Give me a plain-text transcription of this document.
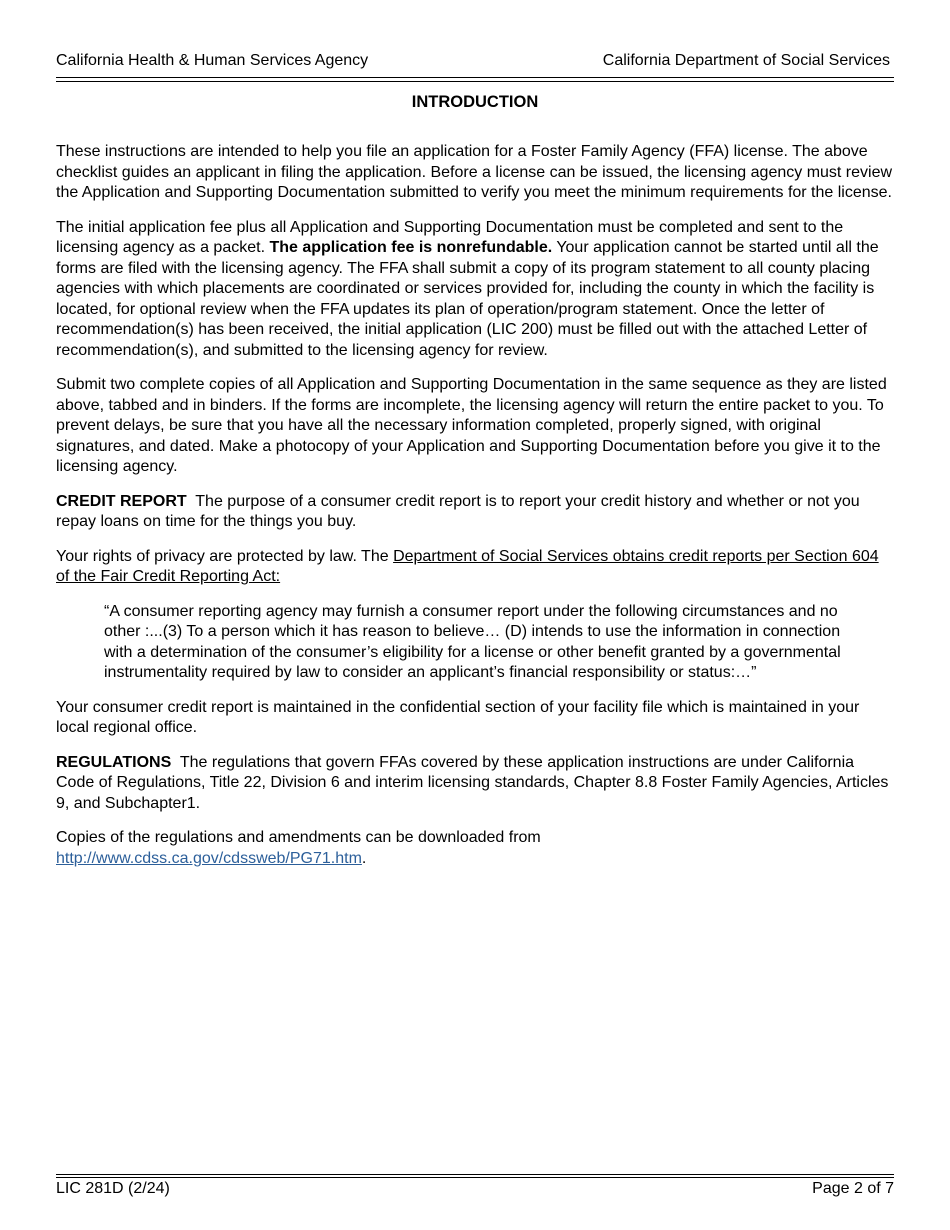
California Health & Human Services Agency	California Department of Social Services
INTRODUCTION

These instructions are intended to help you file an application for a Foster Family Agency (FFA) license. The above checklist guides an applicant in filing the application. Before a license can be issued, the licensing agency must review the Application and Supporting Documentation submitted to verify you meet the minimum requirements for the license.

The initial application fee plus all Application and Supporting Documentation must be completed and sent to the licensing agency as a packet. The application fee is nonrefundable. Your application cannot be started until all the forms are filed with the licensing agency. The FFA shall submit a copy of its program statement to all county placing agencies with which placements are coordinated or services provided for, including the county in which the facility is located, for optional review when the FFA updates its plan of operation/program statement. Once the letter of recommendation(s) has been received, the initial application (LIC 200) must be filled out with the attached Letter of recommendation(s), and submitted to the licensing agency for review.

Submit two complete copies of all Application and Supporting Documentation in the same sequence as they are listed above, tabbed and in binders. If the forms are incomplete, the licensing agency will return the entire packet to you. To prevent delays, be sure that you have all the necessary information completed, properly signed, with original signatures, and dated. Make a photocopy of your Application and Supporting Documentation before you give it to the licensing agency.

CREDIT REPORT The purpose of a consumer credit report is to report your credit history and whether or not you repay loans on time for the things you buy.

Your rights of privacy are protected by law. The Department of Social Services obtains credit reports per Section 604 of the Fair Credit Reporting Act:

“A consumer reporting agency may furnish a consumer report under the following circumstances and no other :...(3) To a person which it has reason to believe… (D) intends to use the information in connection with a determination of the consumer’s eligibility for a license or other benefit granted by a governmental instrumentality required by law to consider an applicant’s financial responsibility or status:…”

Your consumer credit report is maintained in the confidential section of your facility file which is maintained in your local regional office.

REGULATIONS The regulations that govern FFAs covered by these application instructions are under California Code of Regulations, Title 22, Division 6 and interim licensing standards, Chapter 8.8 Foster Family Agencies, Articles 9, and Subchapter1.

Copies of the regulations and amendments can be downloaded from
http://www.cdss.ca.gov/cdssweb/PG71.htm.

LIC 281D (2/24)	Page 2 of 7
